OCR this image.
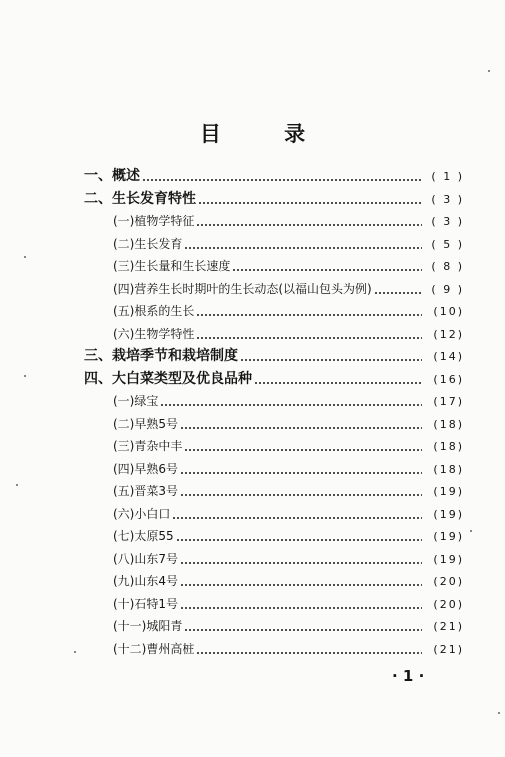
目 录
一、概述	( 1 )
二、生长发育特性	( 3 )
(一)植物学特征	( 3 )
(二)生长发育	( 5 )
(三)生长量和生长速度	( 8 )
(四)营养生长时期叶的生长动态(以福山包头为例)	( 9 )
(五)根系的生长	(10)
(六)生物学特性	(12)
三、栽培季节和栽培制度	(14)
四、大白菜类型及优良品种	(16)
(一)绿宝	(17)
(二)早熟5号	(18)
(三)青杂中丰	(18)
(四)早熟6号	(18)
(五)晋菜3号	(19)
(六)小白口	(19)
(七)太原55	(19)
(八)山东7号	(19)
(九)山东4号	(20)
(十)石特1号	(20)
(十一)城阳青	(21)
(十二)曹州高桩	(21)
· 1 ·
